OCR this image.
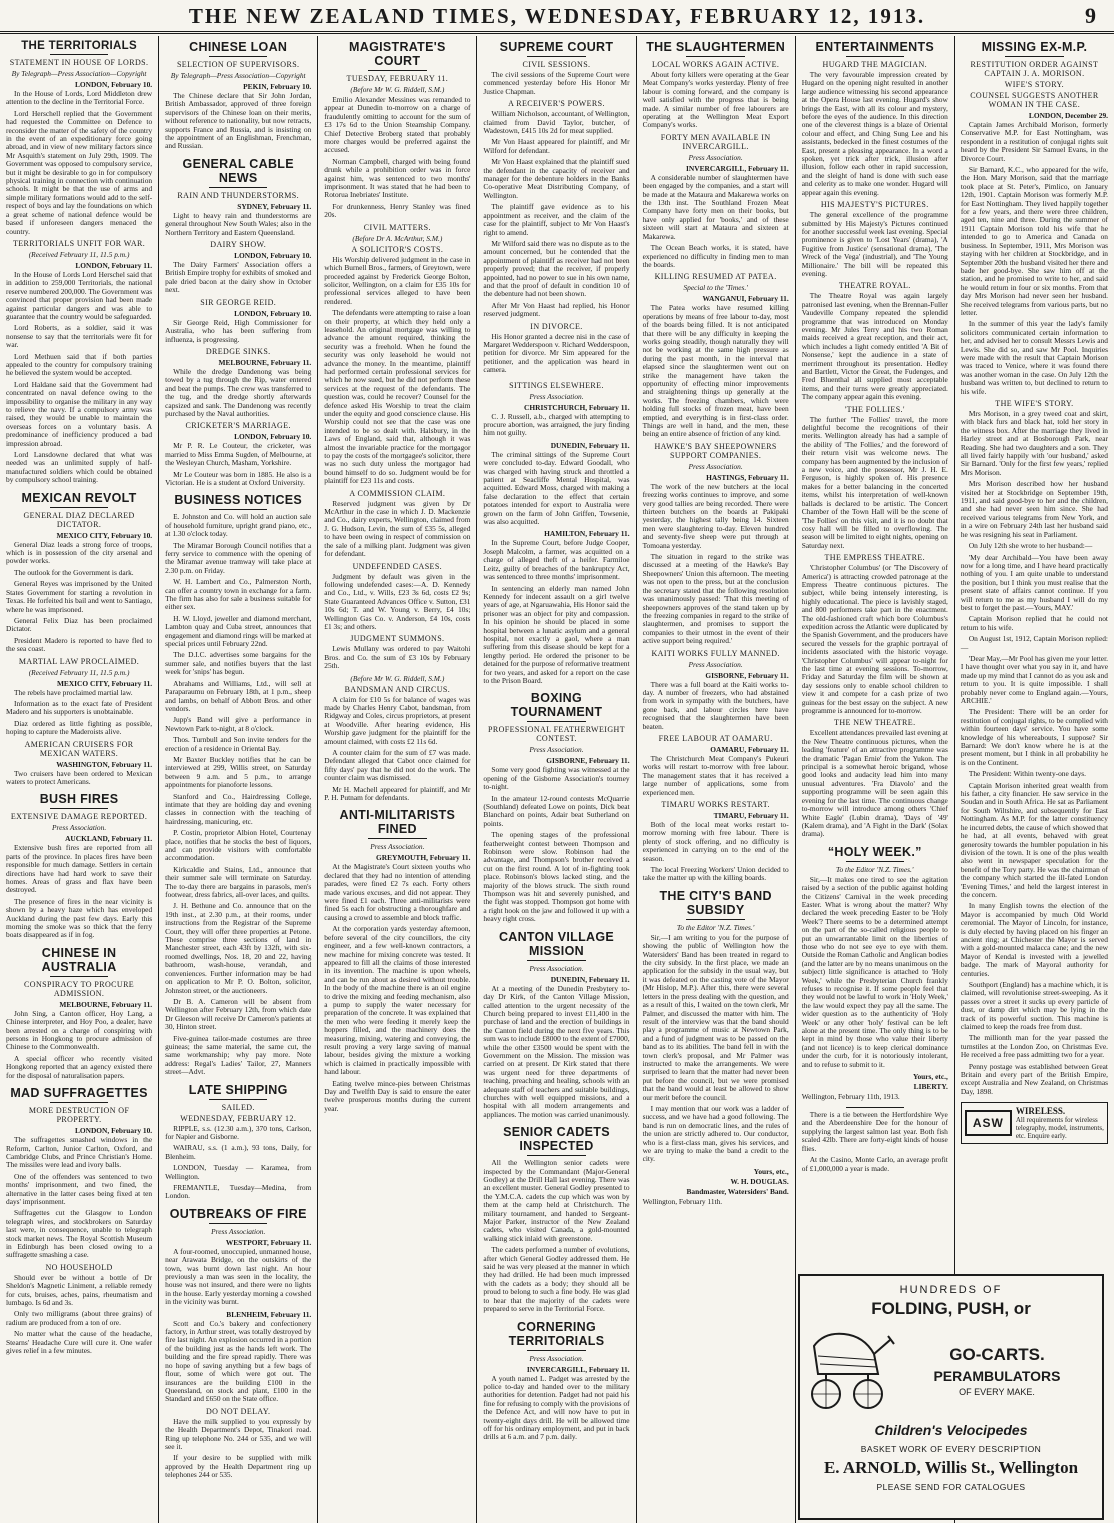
THE NEW ZEALAND TIMES, WEDNESDAY, FEBRUARY 12, 1913.	9
THE TERRITORIALS
STATEMENT IN HOUSE OF LORDS.
By Telegraph—Press Association—Copyright
LONDON, February 10.

In the House of Lords, Lord Middleton drew attention to the decline in the Territorial Force.

Lord Herschell replied that the Government had requested the Committee on Defence to reconsider the matter of the safety of the country in the event of an expeditionary force going abroad, and in view of new military factors since Mr Asquith's statement on July 29th, 1909. The Government was opposed to compulsory service, but it might be desirable to go in for compulsory physical training in connection with continuation schools. It might be that the use of arms and simple military formations would add to the self-respect of boys and lay the foundations on which a great scheme of national defence would be based if unforeseen dangers menaced the country.

TERRITORIALS UNFIT FOR WAR.
(Received February 11, 11.5 p.m.)
LONDON, February 11.

In the House of Lords Lord Herschel said that in addition to 259,000 Territorials, the national reserve numbered 200,000. The Government was convinced that proper provision had been made against particular dangers and was able to guarantee that the country would be safeguarded.

Lord Roberts, as a soldier, said it was nonsense to say that the territorials were fit for war.

Lord Methuen said that if both parties appealed to the country for compulsory training he believed the system would be accepted.

Lord Haldane said that the Government had concentrated on naval defence owing to the impossibility to organise the military in any way to relieve the navy. If a compulsory army was raised, they would be unable to maintain the overseas forces on a voluntary basis. A predominance of inefficiency produced a bad impression abroad.

Lord Lansdowne declared that what was needed was an unlimited supply of half-manufactured soldiers which could be obtained by compulsory school training.

MEXICAN REVOLT
GENERAL DIAZ DECLARED DICTATOR.
MEXICO CITY, February 10.

General Diaz leads a strong force of troops, which is in possession of the city arsenal and powder works.

The outlook for the Government is dark.

General Reyes was imprisoned by the United States Government for starting a revolution in Texas. He forfeited his bail and went to Santiago, where he was imprisoned.

General Felix Diaz has been proclaimed Dictator.

President Madero is reported to have fled to the sea coast.

MARTIAL LAW PROCLAIMED.
(Received February 11, 11.5 p.m.)
MEXICO CITY, February 11.

The rebels have proclaimed martial law.

Information as to the exact fate of President Madero and his supporters is unobtainable.

Diaz ordered as little fighting as possible, hoping to capture the Maderoists alive.

AMERICAN CRUISERS FOR MEXICAN WATERS.
WASHINGTON, February 11.

Two cruisers have been ordered to Mexican waters to protect Americans.

BUSH FIRES
EXTENSIVE DAMAGE REPORTED.
Press Association.
AUCKLAND, February 11.

Extensive bush fires are reported from all parts of the province. In places fires have been responsible for much damage. Settlers in certain directions have had hard work to save their homes. Areas of grass and flax have been destroyed.

The presence of fires in the near vicinity is shown by a heavy haze which has enveloped Auckland during the past few days. Early this morning the smoke was so thick that the ferry boats disappeared as if in fog.

CHINESE IN AUSTRALIA
CONSPIRACY TO PROCURE ADMISSION.
MELBOURNE, February 11.

John Sing, a Canton officer, Hoy Lang, a Chinese interpreter, and Hoy Poo, a dealer, have been arrested on a charge of conspiring with persons in Hongkong to procure admission of Chinese to the Commonwealth.

A special officer who recently visited Hongkong reported that an agency existed there for the disposal of naturalisation papers.

MAD SUFFRAGETTES
MORE DESTRUCTION OF PROPERTY.
LONDON, February 10.

The suffragettes smashed windows in the Reform, Carlton, Junior Carlton, Oxford, and Cambridge Clubs, and Prince Christian's Home. The missiles were lead and ivory balls.

One of the offenders was sentenced to two months' imprisonment, and two fined, the alternative in the latter cases being fixed at ten days' imprisonment.

Suffragettes cut the Glasgow to London telegraph wires, and stockbrokers on Saturday last were, in consequence, unable to telegraph stock market news. The Royal Scottish Museum in Edinburgh has been closed owing to a suffragette smashing a case.

NO HOUSEHOLD

Should ever be without a bottle of Dr Sheldon's Magnetic Liniment, a reliable remedy for cuts, bruises, aches, pains, rheumatism and lumbago. Is 6d and 3s.

Only two milligrams (about three grains) of radium are produced from a ton of ore.

No matter what the cause of the headache, Stearns' Headache Cure will cure it. One wafer gives relief in a few minutes.

CHINESE LOAN
SELECTION OF SUPERVISORS.
By Telegraph—Press Association—Copyright
PEKIN, February 10.

The Chinese declare that Sir John Jordan, British Ambassador, approved of three foreign supervisors of the Chinese loan on their merits, without reference to nationality, but now retracts, supports France and Russia, and is insisting on the appointment of an Englishman, Frenchman, and Russian.

GENERAL CABLE NEWS
RAIN AND THUNDERSTORMS.
SYDNEY, February 11.

Light to heavy rain and thunderstorms are general throughout New South Wales; also in the Northern Territory and Eastern Queensland.

DAIRY SHOW.
LONDON, February 10.

The Dairy Farmers' Association offers a British Empire trophy for exhibits of smoked and pale dried bacon at the dairy show in October next.

SIR GEORGE REID.
LONDON, February 10.

Sir George Reid, High Commissioner for Australia, who has been suffering from influenza, is progressing.

DREDGE SINKS.
MELBOURNE, February 11.

While the dredge Dandenong was being towed by a tug through the Rip, water entered and beat the pumps. The crew was transferred to the tug, and the dredge shortly afterwards capsized and sank. The Dandenong was recently purchased by the Naval authorities.

CRICKETER'S MARRIAGE.
LONDON, February 10.

Mr P. R. Le Couteur, the cricketer, was married to Miss Emma Sugden, of Melbourne, at the Wesleyan Church, Masham, Yorkshire.

Mr Le Couteur was born in 1885. He also is a Victorian. He is a student at Oxford University.

BUSINESS NOTICES

E. Johnston and Co. will hold an auction sale of household furniture, upright grand piano, etc., at 1.30 o'clock today.

The Miramar Borough Council notifies that a ferry service to commence with the opening of the Miramar avenue tramway will take place at 2.30 p.m. on Friday.

W. H. Lambert and Co., Palmerston North, can offer a country town in exchange for a farm. The firm has also for sale a business suitable for either sex.

H. W. Lloyd, jeweller and diamond merchant, Lambton quay and Cuba street, announces that engagement and diamond rings will be marked at special prices until February 22nd.

The D.I.C. advertises some bargains for the summer sale, and notifies buyers that the last week for 'snips' has begun.

Abrahams and Williams, Ltd., will sell at Paraparaumu on February 18th, at 1 p.m., sheep and lambs, on behalf of Abbott Bros. and other vendors.

Jupp's Band will give a performance in Newtown Park to-night, at 8 o'clock.

Thos. Turnbull and Son invite tenders for the erection of a residence in Oriental Bay.

Mr Baxter Buckley notifies that he can be interviewed at 299, Willis street, on Saturday between 9 a.m. and 5 p.m., to arrange appointments for pianoforte lessons.

Stanford and Co., Hairdressing College, intimate that they are holding day and evening classes in connection with the teaching of hairdressing, manicuring, etc.

P. Costin, proprietor Albion Hotel, Courtenay place, notifies that he stocks the best of liquors, and can provide visitors with comfortable accommodation.

Kirkcaldie and Stains, Ltd., announce that their summer sale will terminate on Saturday. The to-day there are bargains in parasols, men's footwear, dress fabrics, all-over laces, and quilts.

J. H. Bethune and Co. announce that on the 19th inst., at 2.30 p.m., at their rooms, under instructions from the Registrar of the Supreme Court, they will offer three properties at Petone. These comprise three sections of land in Manchester street, each 43ft by 132ft, with six-roomed dwellings, Nos. 18, 20 and 22, having bathroom, wash-house, verandah, and conveniences. Further information may be had on application to Mr P. O. Bolton, solicitor, Johnston street, or the auctioneers.

Dr B. A. Cameron will be absent from Wellington after February 12th, from which date Dr Gleeson will receive Dr Cameron's patients at 30, Hinton street.

Five-guinea tailor-made costumes are three guineas; the same material, the same cut, the same workmanship; why pay more. Note address: Regal's Ladies' Tailor, 27, Manners street—Advt.

LATE SHIPPING
SAILED.
WEDNESDAY, FEBRUARY 12.

RIPPLE, s.s. (12.30 a.m.), 370 tons, Carlson, for Napier and Gisborne.

WAIRAU, s.s. (1 a.m.), 93 tons, Daily, for Blenheim.

LONDON, Tuesday — Karamea, from Wellington.

FREMANTLE, Tuesday—Medina, from London.

OUTBREAKS OF FIRE
Press Association.
WESTPORT, February 11.

A four-roomed, unoccupied, unmanned house, near Arawata Bridge, on the outskirts of the town, was burnt down last night. An hour previously a man was seen in the locality, the house was not insured, and there were no lights in the house. Early yesterday morning a cowshed in the vicinity was burnt.

BLENHEIM, February 11.

Scott and Co.'s bakery and confectionery factory, in Arthur street, was totally destroyed by fire last night. An explosion occurred in a portion of the building just as the hands left work. The building and the fire spread rapidly. There was no hope of saving anything but a few bags of flour, some of which were got out. The insurances are the building £100 in the Queensland, on stock and plant, £100 in the Standard and £650 on the State office.

DO NOT DELAY.

Have the milk supplied to you expressly by the Health Department's Depot, Tinakori road. Ring up telephone No. 244 or 535, and we will see it.

If your desire to be supplied with milk approved by the Health Department ring up telephones 244 or 535.

MAGISTRATE'S COURT
TUESDAY, FEBRUARY 11.
(Before Mr W. G. Riddell, S.M.)

Emilio Alexander Messines was remanded to appear at Dunedin to-morrow on a charge of fraudulently omitting to account for the sum of £3 17s 6d to the Union Steamship Company. Chief Detective Broberg stated that probably more charges would be preferred against the accused.

Norman Campbell, charged with being found drunk while a prohibition order was in force against him, was sentenced to two months' imprisonment. It was stated that he had been to Rotorua Inebriates' Institute.

For drunkenness, Henry Stanley was fined 20s.

CIVIL MATTERS.
(Before Dr A. McArthur, S.M.)
A SOLICITOR'S COSTS.

His Worship delivered judgment in the case in which Burnell Bros., farmers, of Greytown, were proceeded against by Frederick George Bolton, solicitor, Wellington, on a claim for £35 10s for professional services alleged to have been rendered.

The defendants were attempting to raise a loan on their property, at which they held only a leasehold. An original mortgage was willing to advance the amount required, thinking the security was a freehold. When he found the security was only leasehold he would not advance the money. In the meantime, plaintiff had performed certain professional services for which he now sued, but he did not perform these services at the request of the defendants. The question was, could he recover? Counsel for the defence asked His Worship to treat the claim under the equity and good conscience clause. His Worship could not see that the case was one intended to be so dealt with. Halsbury, in the Laws of England, said that, although it was almost the invariable practice for the mortgagor to pay the costs of the mortgagee's solicitor, there was no such duty unless the mortgagor had bound himself to do so. Judgment would be for plaintiff for £23 11s and costs.

A COMMISSION CLAIM.

Reserved judgment was given by Dr McArthur in the case in which J. D. Mackenzie and Co., dairy experts, Wellington, claimed from J. G. Hudson, Levin, the sum of £35 5s, alleged to have been owing in respect of commission on the sale of a milking plant. Judgment was given for defendant.

UNDEFENDED CASES.

Judgment by default was given in the following undefended cases:—A. D. Kennedy and Co., Ltd., v. Wills, £23 3s 6d, costs £2 9s; State Guaranteed Advances Office v. Sutton, £31 10s 6d; T. and W. Young v. Berry, £4 10s; Wellington Gas Co. v. Anderson, £4 10s, costs £1 3s; and others.

JUDGMENT SUMMONS.

Lewis Mullany was ordered to pay Waitohi Bros. and Co. the sum of £3 10s by February 25th.

(Before Mr W. G. Riddell, S.M.)
BANDSMAN AND CIRCUS.

A claim for £10 5s for balance of wages was made by Charles Henry Cabot, bandsman, from Ridgway and Coles, circus proprietors, at present at Woodville. After hearing evidence, His Worship gave judgment for the plaintiff for the amount claimed, with costs £2 11s 6d.

A counter claim for the sum of £7 was made. Defendant alleged that Cabot once claimed for fifty days' pay that he did not do the work. The counter claim was dismissed.

Mr H. Machell appeared for plaintiff, and Mr P. H. Putnam for defendants.

ANTI-MILITARISTS FINED
Press Association.
GREYMOUTH, February 11.

At the Magistrate's Court sixteen youths who declared that they had no intention of attending parades, were fined £2 7s each. Forty others made various excuses, and did not appear. They were fined £1 each. Three anti-militarists were fined 5s each for obstructing a thoroughfare and causing a crowd to assemble and block traffic.

At the corporation yards yesterday afternoon, before several of the city councillors, the city engineer, and a few well-known contractors, a new machine for mixing concrete was tested. It appeared to fill all the claims of those interested in its invention. The machine is upon wheels, and can be run about as desired without trouble. In the body of the machine there is an oil engine to drive the mixing and feeding mechanism, also a pump to supply the water necessary for preparation of the concrete. It was explained that the men who were feeding it merely keep the hoppers filled, and the machinery does the measuring, mixing, watering and conveying, the result proving a very large saving of manual labour, besides giving the mixture a working which is claimed in practically impossible with hand labour.

Eating twelve mince-pies between Christmas Day and Twelfth Day is said to ensure the eater twelve prosperous months during the current year.

SUPREME COURT
CIVIL SESSIONS.

The civil sessions of the Supreme Court were commenced yesterday before His Honor Mr Justice Chapman.

A RECEIVER'S POWERS.

William Nicholson, accountant, of Wellington, claimed from David Taylor, butcher, of Wadestown, £415 10s 2d for meat supplied.

Mr Von Haast appeared for plaintiff, and Mr Wilford for defendant.

Mr Von Haast explained that the plaintiff sued the defendant in the capacity of receiver and manager for the debenture holders in the Banks Co-operative Meat Distributing Company, of Wellington.

The plaintiff gave evidence as to his appointment as receiver, and the claim of the case for the plaintiff, subject to Mr Von Haast's right to amend.

Mr Wilford said there was no dispute as to the amount concerned, but he contended that the appointment of plaintiff as receiver had not been properly proved; that the receiver, if properly appointed, had no power to sue in his own name, and that the proof of default in condition 10 of the debenture had not been shown.

After Mr Von Haast had replied, his Honor reserved judgment.

IN DIVORCE.

His Honor granted a decree nisi in the case of Margaret Wedderspoon v. Richard Wedderspoon, petition for divorce. Mr Sim appeared for the petitioner, and the application was heard in camera.

SITTINGS ELSEWHERE.
Press Association.
CHRISTCHURCH, February 11.

C. J. Russell, a.b., charged with attempting to procure abortion, was arraigned, the jury finding him not guilty.

DUNEDIN, February 11.

The criminal sittings of the Supreme Court were concluded to-day. Edward Goodall, who was charged with having struck and throttled a patient at Seacliffe Mental Hospital, was acquitted. Edward Moss, charged with making a false declaration to the effect that certain potatoes intended for export to Australia were grown on the farm of John Griffen, Towsenie, was also acquitted.

HAMILTON, February 11.

In the Supreme Court, before Judge Cooper, Joseph Malcolm, a farmer, was acquitted on a charge of alleged theft of a heifer. Farmiloe Leitz, guilty of breaches of the bankruptcy Act, was sentenced to three months' imprisonment.

In sentencing an elderly man named John Kennedy for indecent assault on a girl twelve years of age, at Ngaruawahia, His Honor said the prisoner was an object for pity and compassion. In his opinion he should be placed in some hospital between a lunatic asylum and a general hospital, not exactly a gaol, where a man suffering from this disease should be kept for a lengthy period. He ordered the prisoner to be detained for the purpose of reformative treatment for two years, and asked for a report on the case to the Prison Board.

BOXING TOURNAMENT
PROFESSIONAL FEATHERWEIGHT CONTEST.
Press Association.
GISBORNE, February 11.

Some very good fighting was witnessed at the opening of the Gisborne Association's tourney to-night.

In the amateur 12-round contests McQuarrie (Southland) defeated Lowe on points, Dick beat Blanchard on points, Adair beat Sutherland on points.

The opening stages of the professional featherweight contest between Thompson and Robinson were slow. Robinson had the advantage, and Thompson's brother received a cut on the first round. A lot of in-fighting took place. Robinson's blows lacked sting, and the majority of the blows struck. The sixth round Thompson was hit and severely punished, and the fight was stopped. Thompson got home with a right hook on the jaw and followed it up with a heavy right cross.

CANTON VILLAGE MISSION
Press Association.
DUNEDIN, February 11.

At a meeting of the Dunedin Presbytery to-day Dr Kirk, of the Canton Village Mission, called attention to the urgent necessity of the Church being prepared to invest £11,400 in the purchase of land and the erection of buildings in the Canton field during the next five years. This sum was to include £8000 to the extent of £7000, while the other £3500 would be spent with the Government on the Mission. The mission was carried on at present. Dr Kirk stated that there was urgent need for three departments of teaching, preaching and healing, schools with an adequate staff of teachers and suitable buildings, churches with well equipped missions, and a hospital with all modern arrangements and appliances. The motion was carried unanimously.

SENIOR CADETS INSPECTED

All the Wellington senior cadets were inspected by the Commandant (Major-General Godley) at the Drill Hall last evening. There was an excellent muster. General Godley presented to the Y.M.C.A. cadets the cup which was won by them at the camp held at Christchurch. The military tournament, and handed to Sergeant-Major Parker, instructor of the New Zealand cadets, who visited Canada, a gold-mounted walking stick inlaid with greenstone.

The cadets performed a number of evolutions, after which General Godley addressed them. He said he was very pleased at the manner in which they had drilled. He had been much impressed with the cadets as a body; they should all be proud to belong to such a fine body. He was glad to hear that the majority of the cadets were prepared to serve in the Territorial Force.

CORNERING TERRITORIALS
Press Association.
INVERCARGILL, February 11.

A youth named L. Padget was arrested by the police to-day and handed over to the military authorities for detention. Padget had not paid his fine for refusing to comply with the provisions of the Defence Act, and will now have to put in twenty-eight days drill. He will be allowed time off for his ordinary employment, and put in back drills at 6 a.m. and 7 p.m. daily.

THE SLAUGHTERMEN
LOCAL WORKS AGAIN ACTIVE.

About forty killers were operating at the Gear Meat Company's works yesterday. Plenty of free labour is coming forward, and the company is well satisfied with the progress that is being made. A similar number of free labourers are operating at the Wellington Meat Export Company's works.

FORTY MEN AVAILABLE IN INVERCARGILL.
Press Association.
INVERCARGILL, February 11.

A considerable number of slaughtermen have been engaged by the companies, and a start will be made at the Mataura and Makarewa works on the 13th inst. The Southland Frozen Meat Company have forty men on their books, but have only applied for 'books,' and of these sixteen will start at Mataura and sixteen at Makarewa.

The Ocean Beach works, it is stated, have experienced no difficulty in finding men to man the boards.

KILLING RESUMED AT PATEA.
Special to the 'Times.'
WANGANUI, February 11.

The Patea works have resumed killing operations by means of free labour to-day, most of the boards being filled. It is not anticipated that there will be any difficulty in keeping the works going steadily, though naturally they will not be working at the same high pressure as during the past month, in the interval that elapsed since the slaughtermen went out on strike the management have taken the opportunity of effecting minor improvements and straightening things up generally at the works. The freezing chambers, which were holding full stocks of frozen meat, have been emptied, and everything is in first-class order. Things are well in hand, and the men, these being an entire absence of friction of any kind.

HAWKE'S BAY SHEEPOWNERS SUPPORT COMPANIES.
Press Association.
HASTINGS, February 11.

The work of the new butchers at the local freezing works continues to improve, and some very good tallies are being recorded. There were thirteen butchers on the boards at Pakipaki yesterday, the highest tally being 14. Sixteen men were slaughtering to-day. Eleven hundred and seventy-five sheep were put through at Tomoana yesterday.

The situation in regard to the strike was discussed at a meeting of the Hawke's Bay Sheepowners' Union this afternoon. The meeting was not open to the press, but at the conclusion the secretary stated that the following resolution was unanimously passed: 'That this meeting of sheepowners approves of the stand taken up by the freezing companies in regard to the strike of slaughtermen, and promises to support the companies to their utmost in the event of their active support being required.'

KAITI WORKS FULLY MANNED.
Press Association.
GISBORNE, February 11.

There was a full board at the Kaiti works to-day. A number of freezers, who had abstained from work in sympathy with the butchers, have gone back, and labour circles here have recognised that the slaughtermen have been beaten.

FREE LABOUR AT OAMARU.
OAMARU, February 11.

The Christchurch Meat Company's Pukeuri works will restart to-morrow with free labour. The management states that it has received a large number of applications, some from experienced men.

TIMARU WORKS RESTART.
TIMARU, February 11.

Both of the local meat works restart to-morrow morning with free labour. There is plenty of stock offering, and no difficulty is experienced in carrying on to the end of the season.

The local Freezing Workers' Union decided to take the matter up with the killing boards.

THE CITY'S BAND SUBSIDY
To the Editor 'N.Z. Times.'

Sir,—I am writing to you for the purpose of showing the public of Wellington how the Watersiders' Band has been treated in regard to the city subsidy. In the first place, we made an application for the subsidy in the usual way, but it was defeated on the casting vote of the Mayor (Mr Hislop, M.P.). After this, there were several letters in the press dealing with the question, and as a result of this, I waited on the town clerk, Mr Palmer, and discussed the matter with him. The result of the interview was that the band should play a programme of music at Newtown Park, and a fund of judgment was to be passed on the band as to its abilities. The band fell in with the town clerk's proposal, and Mr Palmer was instructed to make the arrangements. We were surprised to learn that the matter had never been put before the council, but we were promised that the band would at least be allowed to show our merit before the council.

I may mention that our work was a ladder of success, and we have had a good following. The band is run on democratic lines, and the rules of the union are strictly adhered to. Our conductor, who is a first-class man, gives his services, and we are trying to make the band a credit to the city.

Yours, etc.,
W. H. DOUGLAS.
Bandmaster, Watersiders' Band.
Wellington, February 11th.
ENTERTAINMENTS
HUGARD THE MAGICIAN.

The very favourable impression created by Hugard on the opening night resulted in another large audience witnessing his second appearance at the Opera House last evening. Hugard's show brings the East, with all its colour and mystery, before the eyes of the audience. In this direction one of the cleverest things is a blaze of Oriental colour and effect, and Ching Sung Lee and his assistants, bedecked in the finest costumes of the East, present a pleasing appearance. In a word a spoken, yet trick after trick, illusion after illusion, follow each other in rapid succession, and the sleight of hand is done with such ease and celerity as to make one wonder. Hugard will appear again this evening.

HIS MAJESTY'S PICTURES.

The general excellence of the programme submitted by His Majesty's Pictures continued for another successful week last evening. Special prominence is given to 'Lost Years' (drama), 'A Fugitive from Justice' (sensational drama), 'The Wreck of the Vega' (industrial), and 'The Young Millionaire.' The bill will be repeated this evening.

THEATRE ROYAL.

The Theatre Royal was again largely patronised last evening, when the Brennan-Fuller Vaudeville Company repeated the splendid programme that was introduced on Monday evening. Mr Jules Terry and his two Roman maids received a great reception, and their act, which includes a light comedy entitled 'A Bit of Nonsense,' kept the audience in a state of merriment throughout its presentation. Hedley and Bartlett, Victor the Great, the Fudenges, and Fred Bluenthal all supplied most acceptable items, and their turns were greatly appreciated. The company appear again this evening.

'THE FOLLIES.'

The further 'The Follies' travel, the more delightful become the recognitions of their merits. Wellington already has had a sample of the ability of 'The Follies,' and the foreword of their return visit was welcome news. The company has been augmented by the inclusion of a new voice, and the possessor, Mr J. H. E. Ferguson, is highly spoken of. His presence makes for a better balancing in the concerted items, whilst his interpretation of well-known ballads is declared to be artistic. The Concert Chamber of the Town Hall will be the scene of 'The Follies' on this visit, and it is no doubt that cosy hall will be filled to overflowing. The season will be limited to eight nights, opening on Saturday next.

THE EMPRESS THEATRE.

'Christopher Columbus' (or 'The Discovery of America') is attracting crowded patronage at the Empress Theatre continuous pictures. The subject, while being intensely interesting, is highly educational. The piece is lavishly staged, and 800 performers take part in the enactment. The old-fashioned craft which bore Columbus's expedition across the Atlantic were duplicated by the Spanish Government, and the producers have secured the vessels for the graphic portrayal of incidents associated with the historic voyage. 'Christopher Columbus' will appear to-night for the last time at evening sessions. To-morrow, Friday and Saturday the film will be shown at day sessions only to enable school children to view it and compete for a cash prize of two guineas for the best essay on the subject. A new programme is announced for to-morrow.

THE NEW THEATRE.

Excellent attendances prevailed last evening at the New Theatre continuous pictures, when the leading 'feature' of an attractive programme was the dramatic 'Pagan Ernie' from the Yukon. The principal is a somewhat heroic brigand, whose good looks and audacity lead him into many unusual adventures. 'Fra Diavolo' and the supporting programme will be seen again this evening for the last time. The continuous change to-morrow will introduce among others 'Chief White Eagle' (Lubin drama), 'Days of '49' (Kalem drama), and 'A Fight in the Dark' (Solax drama).

“HOLY WEEK.”
To the Editor 'N.Z. Times.'

Sir,—It makes one tired to see the agitation raised by a section of the public against holding the Citizens' Carnival in the week preceding Easter. What is wrong about the matter? Why declared the week preceding Easter to be 'Holy Week'? There seems to be a determined attempt on the part of the so-called religious people to put an unwarrantable limit on the liberties of those who do not see eye to eye with them. Outside the Roman Catholic and Anglican bodies (and the latter are by no means unanimous on the subject) little significance is attached to 'Holy Week,' while the Presbyterian Church frankly refuses to recognise it. If some people feel that they would not be lawful to work in 'Holy Week,' the law would expect they pay all the same. The wider question as to the authenticity of 'Holy Week' or any other 'holy' festival can be left alone at the present time. The only thing is to be kept in mind by those who value their liberty (and not licence) is to keep clerical dominance under the curb, for it is notoriously intolerant, and to refuse to submit to it.

Yours, etc.,
LIBERTY.
Wellington, February 11th, 1913.

There is a tie between the Hertfordshire Wye and the Aberdeenshire Dee for the honour of supplying the largest salmon last year. Both fish scaled 42lb. There are forty-eight kinds of house flies.

At the Casino, Monte Carlo, an average profit of £1,000,000 a year is made.

MISSING EX-M.P.
RESTITUTION ORDER AGAINST CAPTAIN J. A. MORISON.
WIFE'S STORY.
COUNSEL SUGGESTS ANOTHER WOMAN IN THE CASE.
LONDON, December 29.

Captain James Archibald Morison, formerly Conservative M.P. for East Nottingham, was respondent in a restitution of conjugal rights suit heard by the President Sir Samuel Evans, in the Divorce Court.

Sir Barnard, K.C., who appeared for the wife, the Hon. Mary Morison, said that the marriage took place at St. Peter's, Pimlico, on January 12th, 1901. Captain Morison was formerly M.P. for East Nottingham. They lived happily together for a few years, and there were three children, aged ten, nine and three. During the summer of 1911 Captain Morison told his wife that he intended to go to America and Canada on business. In September, 1911, Mrs Morison was staying with her children at Stockbridge, and in September 20th the husband visited her there and bade her good-bye. She saw him off at the station, and he promised to write to her, and said he would return in four or six months. From that day Mrs Morison had never seen her husband. She received telegrams from various parts, but no letter.

In the summer of this year the lady's family solicitors communicated certain information to her, and advised her to consult Messrs Lewis and Lewis. She did so, and saw Mr Pool. Inquiries were made with the result that Captain Morison was traced to Venice, where it was found there was another woman in the case. On July 12th the husband was written to, but declined to return to his wife.

THE WIFE'S STORY.

Mrs Morison, in a grey tweed coat and skirt, with black furs and black hat, told her story in the witness box. After the marriage they lived in Harley street and at Bosborough Park, near Reading. She had two daughters and a son. They all lived fairly happily with 'our husband,' asked Sir Barnard. 'Only for the first few years,' replied Mrs Morison.

Mrs Morison described how her husband visited her at Stockbridge on September 19th, 1911, and said good-bye to her and the children, and she had never seen him since. She had received various telegrams from New York, and in a wire on February 24th last her husband said he was resigning his seat in Parliament.

On July 12th she wrote to her husband:—

'My dear Archibald—You have been away now for a long time, and I have heard practically nothing of you. I am quite unable to understand the position, but I think you must realise that the present state of affairs cannot continue. If you will return to me as my husband I will do my best to forget the past.—Yours, MAY.'

Captain Morison replied that he could not return to his wife.

On August 1st, 1912, Captain Morison replied:—

'Dear May,—Mr Pool has given me your letter. I have thought over what you say in it, and have made up my mind that I cannot do as you ask and return to you. It is quite impossible. I shall probably never come to England again.—Yours, ARCHIE.'

The President: There will be an order for restitution of conjugal rights, to be complied with within fourteen days' service. You have some knowledge of his whereabouts, I suppose? Sir Barnard: We don't know where he is at the present moment, but I think in all probability he is on the Continent.

The President: Within twenty-one days.

Captain Morison inherited great wealth from his father, a city financier. He saw service in the Soudan and in South Africa. He sat as Parliament for South Wiltshire, and subsequently for East Nottingham. As M.P. for the latter constituency he incurred debts, the cause of which showed that he had, at all events, behaved with great generosity towards the humbler population in his division of the town. It is one of the plus wealth also went in newspaper speculation for the benefit of the Tory party. He was the chairman of the company which started the ill-fated London 'Evening Times,' and held the largest interest in the concern.

In many English towns the election of the Mayor is accompanied by much Old World ceremonial. The Mayor of Lincoln, for instance, is duly elected by having placed on his finger an ancient ring; at Chichester the Mayor is served with a gold-mounted malacca cane; and the new Mayor of Kendal is invested with a jewelled badge. The mark of Mayoral authority for centuries.

Southport (England) has a machine which, it is claimed, will revolutionise street-sweeping. As it passes over a street it sucks up every particle of dust, or damp dirt which may be lying in the track of its powerful suction. This machine is claimed to keep the roads free from dust.

The millionth man for the year passed the turnstiles at the London Zoo, on Christmas Eve. He received a free pass admitting two for a year.

Penny postage was established between Great Britain and every part of the British Empire, except Australia and New Zealand, on Christmas Day, 1898.

ASW
WIRELESS.
All requirements for wireless telegraphy, model, instruments, etc. Enquire early.
HUNDREDS OF
FOLDING, PUSH, or
GO-CARTS.
PERAMBULATORS
OF EVERY MAKE.
Children's Velocipedes
BASKET WORK OF EVERY DESCRIPTION
E. ARNOLD, Willis St., Wellington
PLEASE SEND FOR CATALOGUES
